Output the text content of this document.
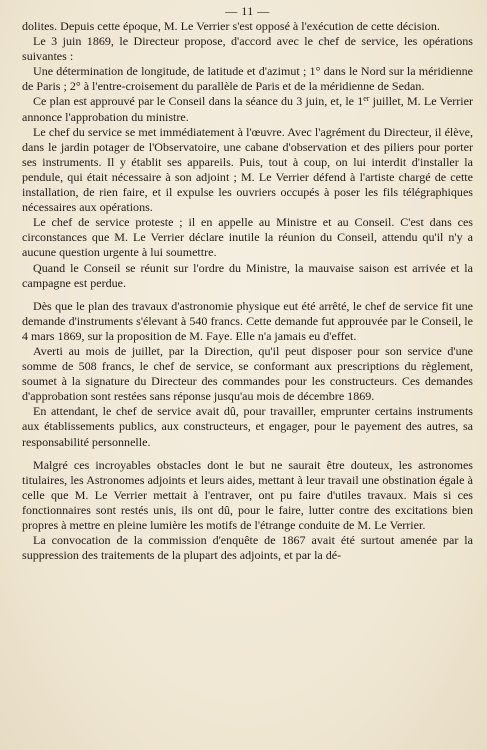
— 11 —

dolites. Depuis cette époque, M. Le Verrier s'est opposé à l'exécution de cette décision.

Le 3 juin 1869, le Directeur propose, d'accord avec le chef de service, les opérations suivantes :

Une détermination de longitude, de latitude et d'azimut ; 1° dans le Nord sur la méridienne de Paris ; 2° à l'entre-croisement du parallèle de Paris et de la méridienne de Sedan.

Ce plan est approuvé par le Conseil dans la séance du 3 juin, et, le 1er juillet, M. Le Verrier annonce l'approbation du ministre.

Le chef du service se met immédiatement à l'œuvre. Avec l'agrément du Directeur, il élève, dans le jardin potager de l'Observatoire, une cabane d'observation et des piliers pour porter ses instruments. Il y établit ses appareils. Puis, tout à coup, on lui interdit d'installer la pendule, qui était nécessaire à son adjoint ; M. Le Verrier défend à l'artiste chargé de cette installation, de rien faire, et il expulse les ouvriers occupés à poser les fils télégraphiques nécessaires aux opérations.

Le chef de service proteste ; il en appelle au Ministre et au Conseil. C'est dans ces circonstances que M. Le Verrier déclare inutile la réunion du Conseil, attendu qu'il n'y a aucune question urgente à lui soumettre.

Quand le Conseil se réunit sur l'ordre du Ministre, la mauvaise saison est arrivée et la campagne est perdue.

Dès que le plan des travaux d'astronomie physique eut été arrêté, le chef de service fit une demande d'instruments s'élevant à 540 francs. Cette demande fut approuvée par le Conseil, le 4 mars 1869, sur la proposition de M. Faye. Elle n'a jamais eu d'effet.

Averti au mois de juillet, par la Direction, qu'il peut disposer pour son service d'une somme de 508 francs, le chef de service, se conformant aux prescriptions du règlement, soumet à la signature du Directeur des commandes pour les constructeurs. Ces demandes d'approbation sont restées sans réponse jusqu'au mois de décembre 1869.

En attendant, le chef de service avait dû, pour travailler, emprunter certains instruments aux établissements publics, aux constructeurs, et engager, pour le payement des autres, sa responsabilité personnelle.

Malgré ces incroyables obstacles dont le but ne saurait être douteux, les astronomes titulaires, les Astronomes adjoints et leurs aides, mettant à leur travail une obstination égale à celle que M. Le Verrier mettait à l'entraver, ont pu faire d'utiles travaux. Mais si ces fonctionnaires sont restés unis, ils ont dû, pour le faire, lutter contre des excitations bien propres à mettre en pleine lumière les motifs de l'étrange conduite de M. Le Verrier.

La convocation de la commission d'enquête de 1867 avait été surtout amenée par la suppression des traitements de la plupart des adjoints, et par la dé-
